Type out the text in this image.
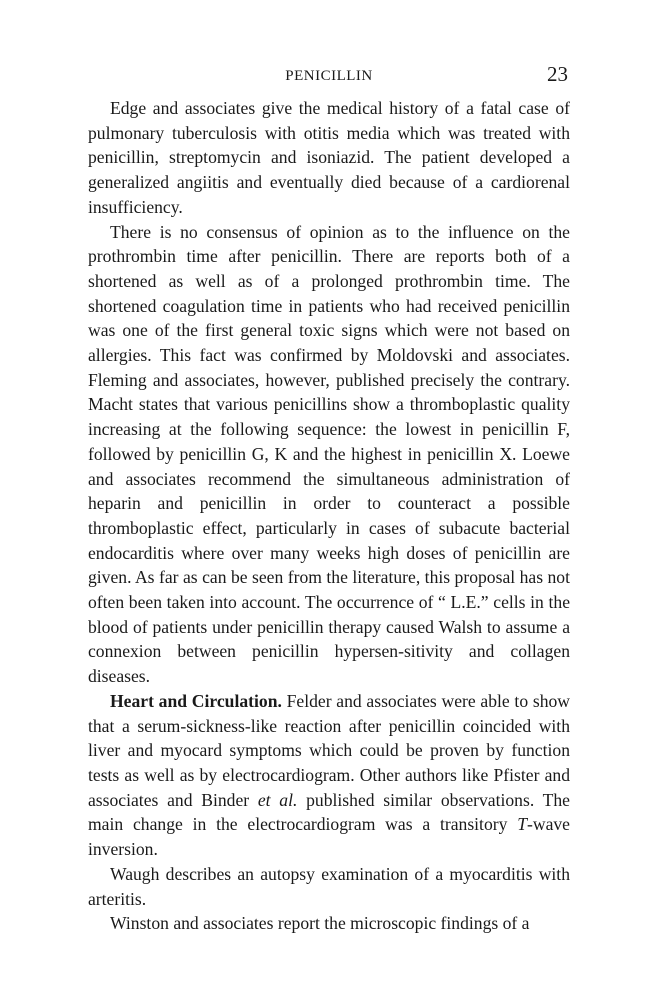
PENICILLIN	23

Edge and associates give the medical history of a fatal case of pulmonary tuberculosis with otitis media which was treated with penicillin, streptomycin and isoniazid. The patient developed a generalized angiitis and eventually died because of a cardiorenal insufficiency.

There is no consensus of opinion as to the influence on the prothrombin time after penicillin. There are reports both of a shortened as well as of a prolonged prothrombin time. The shortened coagulation time in patients who had received penicillin was one of the first general toxic signs which were not based on allergies. This fact was confirmed by Moldovski and associates. Fleming and associates, however, published precisely the contrary. Macht states that various penicillins show a thromboplastic quality increasing at the following sequence: the lowest in penicillin F, followed by penicillin G, K and the highest in penicillin X. Loewe and associates recommend the simultaneous administration of heparin and penicillin in order to counteract a possible thromboplastic effect, particularly in cases of subacute bacterial endocarditis where over many weeks high doses of penicillin are given. As far as can be seen from the literature, this proposal has not often been taken into account. The occurrence of “ L.E.” cells in the blood of patients under penicillin therapy caused Walsh to assume a connexion between penicillin hypersen-sitivity and collagen diseases.

Heart and Circulation. Felder and associates were able to show that a serum-sickness-like reaction after penicillin coincided with liver and myocard symptoms which could be proven by function tests as well as by electrocardiogram. Other authors like Pfister and associates and Binder et al. published similar observations. The main change in the electrocardiogram was a transitory T-wave inversion.

Waugh describes an autopsy examination of a myocarditis with arteritis.

Winston and associates report the microscopic findings of a
